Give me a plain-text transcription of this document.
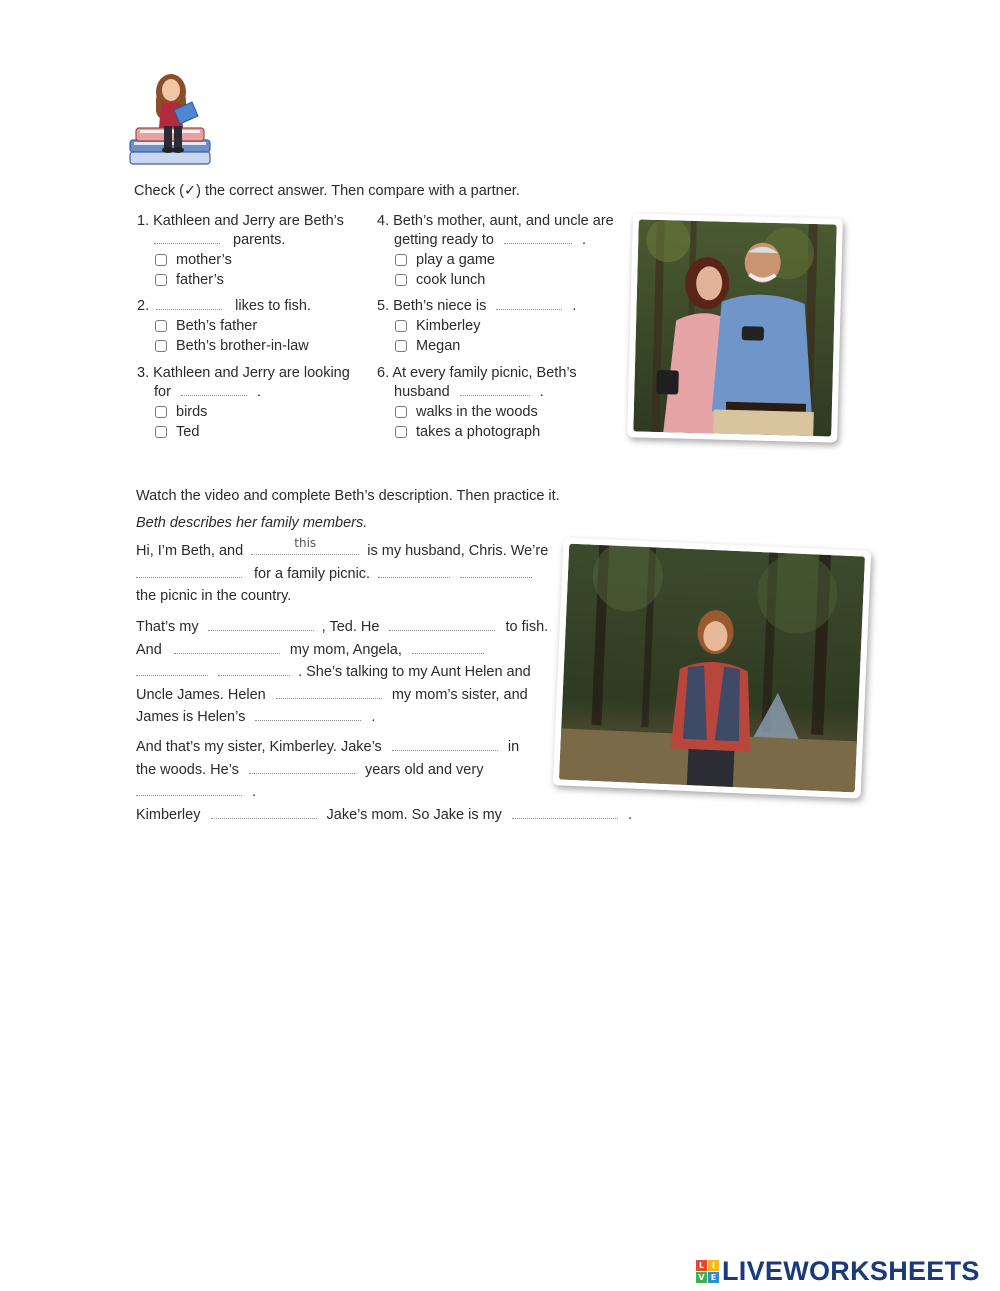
Check (✓) the correct answer. Then compare with a partner.
1. Kathleen and Jerry are Beth’s
parents.
mother’s
father’s
2.	likes to fish.
Beth’s father
Beth’s brother-in-law
3. Kathleen and Jerry are looking
for	.
birds
Ted
4. Beth’s mother, aunt, and uncle are
getting ready to	.
play a game
cook lunch
5. Beth’s niece is	.
Kimberley
Megan
6. At every family picnic, Beth’s
husband	.
walks in the woods
takes a photograph
Watch the video and complete Beth’s description. Then practice it.
Beth describes her family members.
Hi, I’m Beth, and
this	is my husband, Chris. We’re
for a family picnic.
the picnic in the country.
That’s my	, Ted. He	to fish.
And	my mom, Angela,
. She’s talking to my Aunt Helen and
Uncle James. Helen	my mom’s sister, and
James is Helen’s	.
And that’s my sister, Kimberley. Jake’s	in
the woods. He’s	years old and very
.
Kimberley	Jake’s mom. So Jake is my	.
L I
V E LIVEWORKSHEETS
